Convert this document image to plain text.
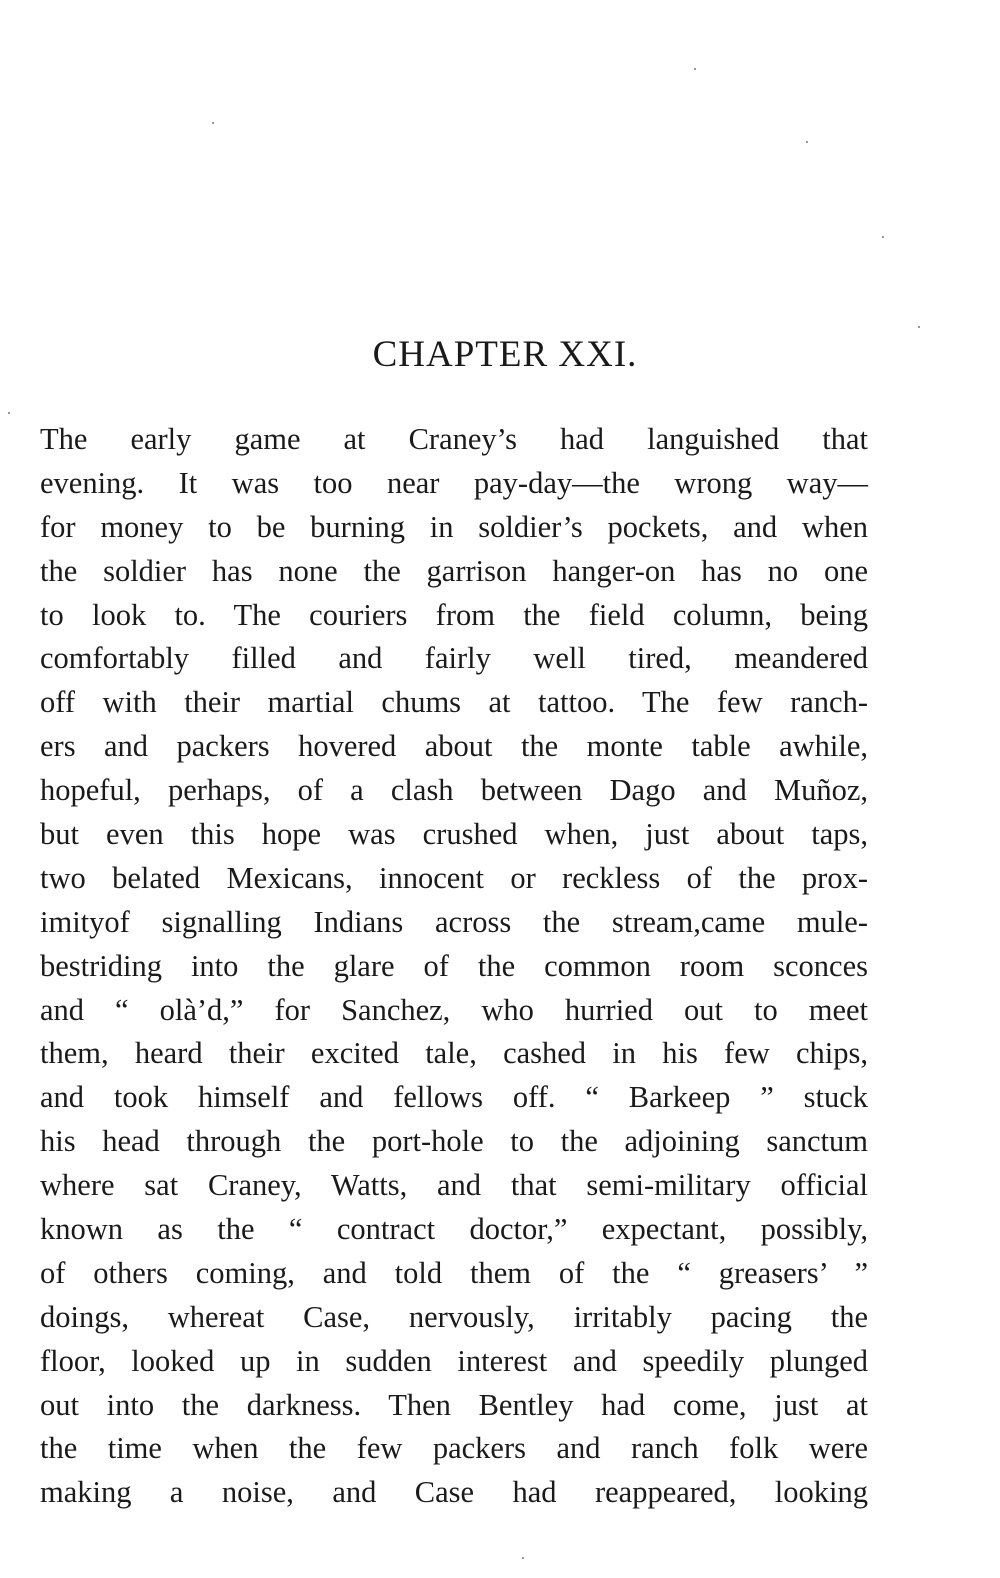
CHAPTER XXI.
The early game at Craney’s had languished that
evening. It was too near pay-day—the wrong way—
for money to be burning in soldier’s pockets, and when
the soldier has none the garrison hanger-on has no one
to look to. The couriers from the field column, being
comfortably filled and fairly well tired, meandered
off with their martial chums at tattoo. The few ranch-
ers and packers hovered about the monte table awhile,
hopeful, perhaps, of a clash between Dago and Muñoz,
but even this hope was crushed when, just about taps,
two belated Mexicans, innocent or reckless of the prox-
imityof signalling Indians across the stream,came mule-
bestriding into the glare of the common room sconces
and “ olà’d,” for Sanchez, who hurried out to meet
them, heard their excited tale, cashed in his few chips,
and took himself and fellows off. “ Barkeep ” stuck
his head through the port-hole to the adjoining sanctum
where sat Craney, Watts, and that semi-military official
known as the “ contract doctor,” expectant, possibly,
of others coming, and told them of the “ greasers’ ”
doings, whereat Case, nervously, irritably pacing the
floor, looked up in sudden interest and speedily plunged
out into the darkness. Then Bentley had come, just at
the time when the few packers and ranch folk were
making a noise, and Case had reappeared, looking
